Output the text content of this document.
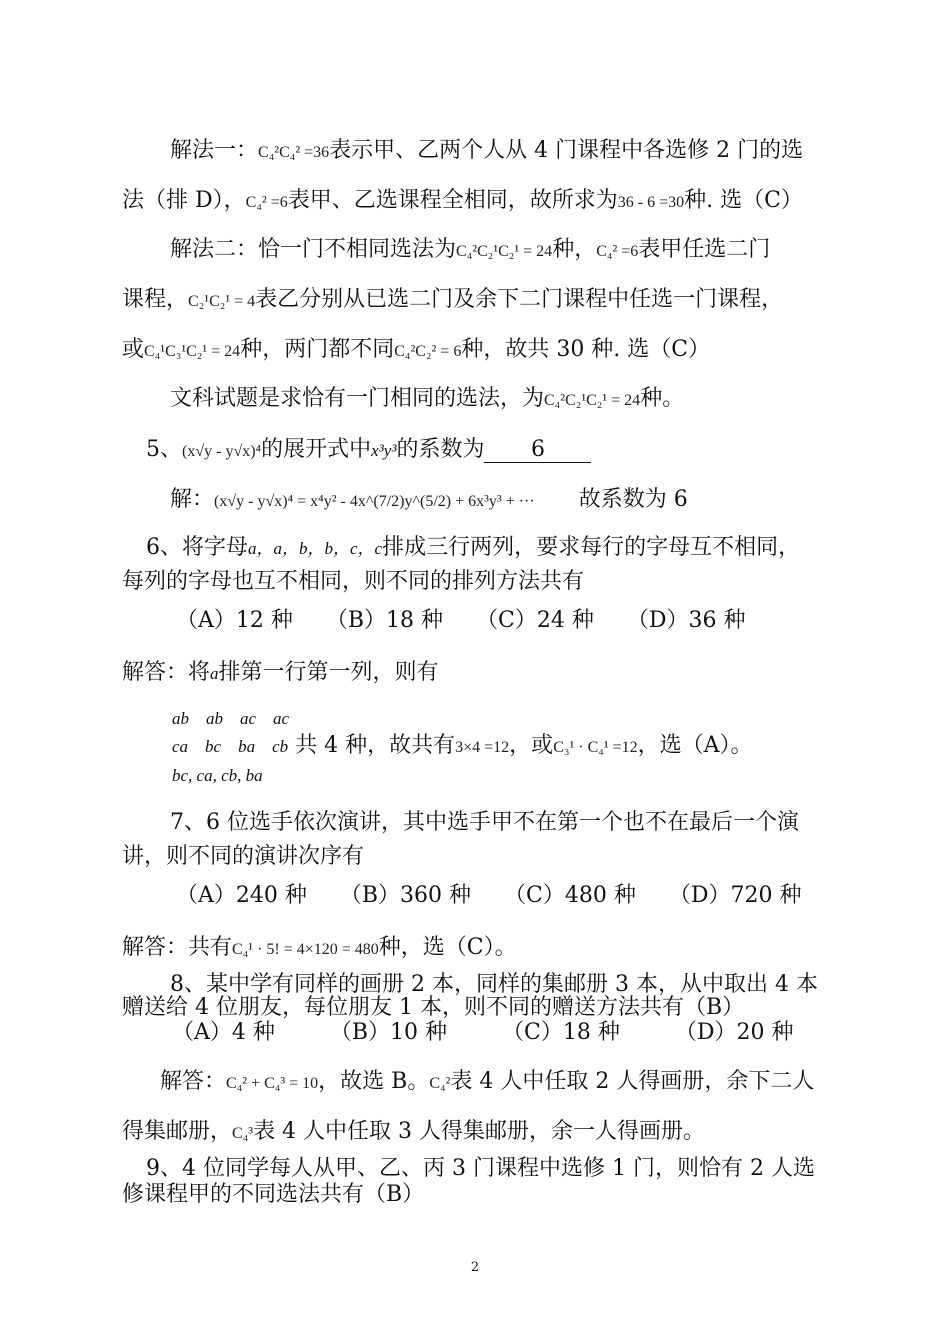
解法一：C₄²C₄² =36表示甲、乙两个人从 4 门课程中各选修 2 门的选
法（排 D），C₄² =6表甲、乙选课程全相同，故所求为36 - 6 =30种. 选（C）
解法二：恰一门不相同选法为C₄²C₂¹C₂¹ = 24种，C₄² =6表甲任选二门
课程，C₂¹C₂¹ = 4表乙分别从已选二门及余下二门课程中任选一门课程，
或C₄¹C₃¹C₂¹ = 24种，两门都不同C₄²C₂² = 6种，故共 30 种. 选（C）
文科试题是求恰有一门相同的选法，为C₄²C₂¹C₂¹ = 24种。
5、(x√y - y√x)⁴的展开式中x³y³的系数为 6
解：(x√y - y√x)⁴ = x⁴y² - 4x^(7/2)y^(5/2) + 6x³y³ + ···　　故系数为 6
6、将字母a，a，b，b，c，c排成三行两列，要求每行的字母互不相同，
每列的字母也互不相同，则不同的排列方法共有
（A）12 种　　（B）18 种　　（C）24 种　　（D）36 种
解答：将a排第一行第一列，则有
ab　ab　ac　ac
ca　bc　ba　cb 共 4 种，故共有3×4 =12，或C₃¹ · C₄¹ =12，选（A）。
bc, ca, cb, ba
7、6 位选手依次演讲，其中选手甲不在第一个也不在最后一个演
讲，则不同的演讲次序有
（A）240 种　　（B）360 种　　（C）480 种　　（D）720 种
解答：共有C₄¹ · 5! = 4×120 = 480种，选（C）。
8、某中学有同样的画册 2 本，同样的集邮册 3 本，从中取出 4 本
赠送给 4 位朋友，每位朋友 1 本，则不同的赠送方法共有（B）
（A）4 种　　　（B）10 种　　　（C）18 种　　　（D）20 种
解答：C₄² + C₄³ = 10，故选 B。C₄²表 4 人中任取 2 人得画册，余下二人
得集邮册，C₄³表 4 人中任取 3 人得集邮册，余一人得画册。
9、4 位同学每人从甲、乙、丙 3 门课程中选修 1 门，则恰有 2 人选
修课程甲的不同选法共有（B）
2
